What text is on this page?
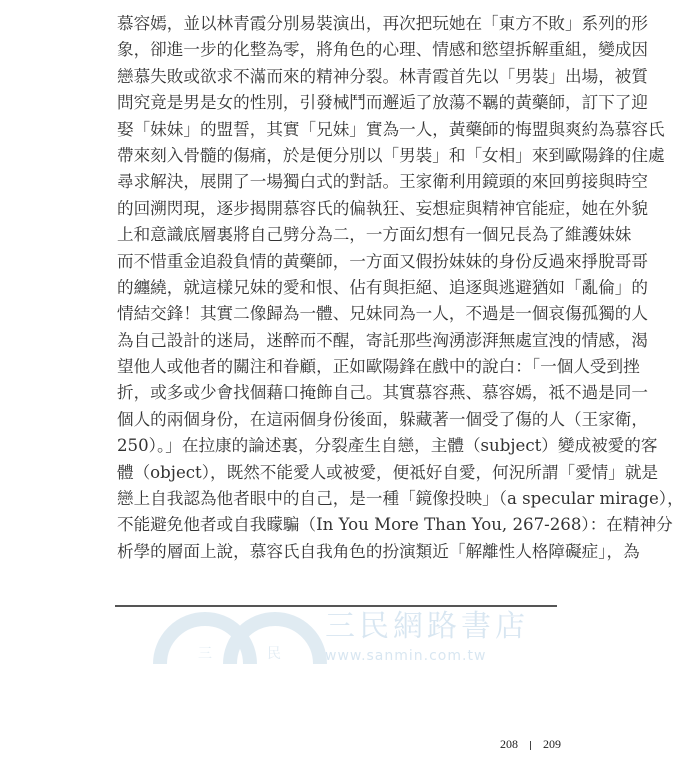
慕容嫣，並以林青霞分別易裝演出，再次把玩她在「東方不敗」系列的形
象，卻進一步的化整為零，將角色的心理、情感和慾望拆解重組，變成因
戀慕失敗或欲求不滿而來的精神分裂。林青霞首先以「男裝」出場，被質
問究竟是男是女的性別，引發械鬥而邂逅了放蕩不羈的黃藥師，訂下了迎
娶「妹妹」的盟誓，其實「兄妹」實為一人，黃藥師的悔盟與爽約為慕容氏
帶來刻入骨髓的傷痛，於是便分別以「男裝」和「女相」來到歐陽鋒的住處
尋求解決，展開了一場獨白式的對話。王家衛利用鏡頭的來回剪接與時空
的回溯閃現，逐步揭開慕容氏的偏執狂、妄想症與精神官能症，她在外貌
上和意識底層裏將自己劈分為二，一方面幻想有一個兄長為了維護妹妹
而不惜重金追殺負情的黃藥師，一方面又假扮妹妹的身份反過來掙脫哥哥
的纏繞，就這樣兄妹的愛和恨、佔有與拒絕、追逐與逃避猶如「亂倫」的
情結交鋒！其實二像歸為一體、兄妹同為一人，不過是一個哀傷孤獨的人
為自己設計的迷局，迷醉而不醒，寄託那些洶湧澎湃無處宣洩的情感，渴
望他人或他者的關注和眷顧，正如歐陽鋒在戲中的說白：「一個人受到挫
折，或多或少會找個藉口掩飾自己。其實慕容燕、慕容嫣，祗不過是同一
個人的兩個身份，在這兩個身份後面，躲藏著一個受了傷的人（王家衛，
250）。」在拉康的論述裏，分裂產生自戀，主體（subject）變成被愛的客
體（object），既然不能愛人或被愛，便祗好自愛，何況所謂「愛情」就是
戀上自我認為他者眼中的自己，是一種「鏡像投映」（a specular mirage），
不能避免他者或自我矇騙（In You More Than You, 267-268）：在精神分
析學的層面上說，慕容氏自我角色的扮演類近「解離性人格障礙症」，為
三	民
三民網路書店
www.sanmin.com.tw
208 209
